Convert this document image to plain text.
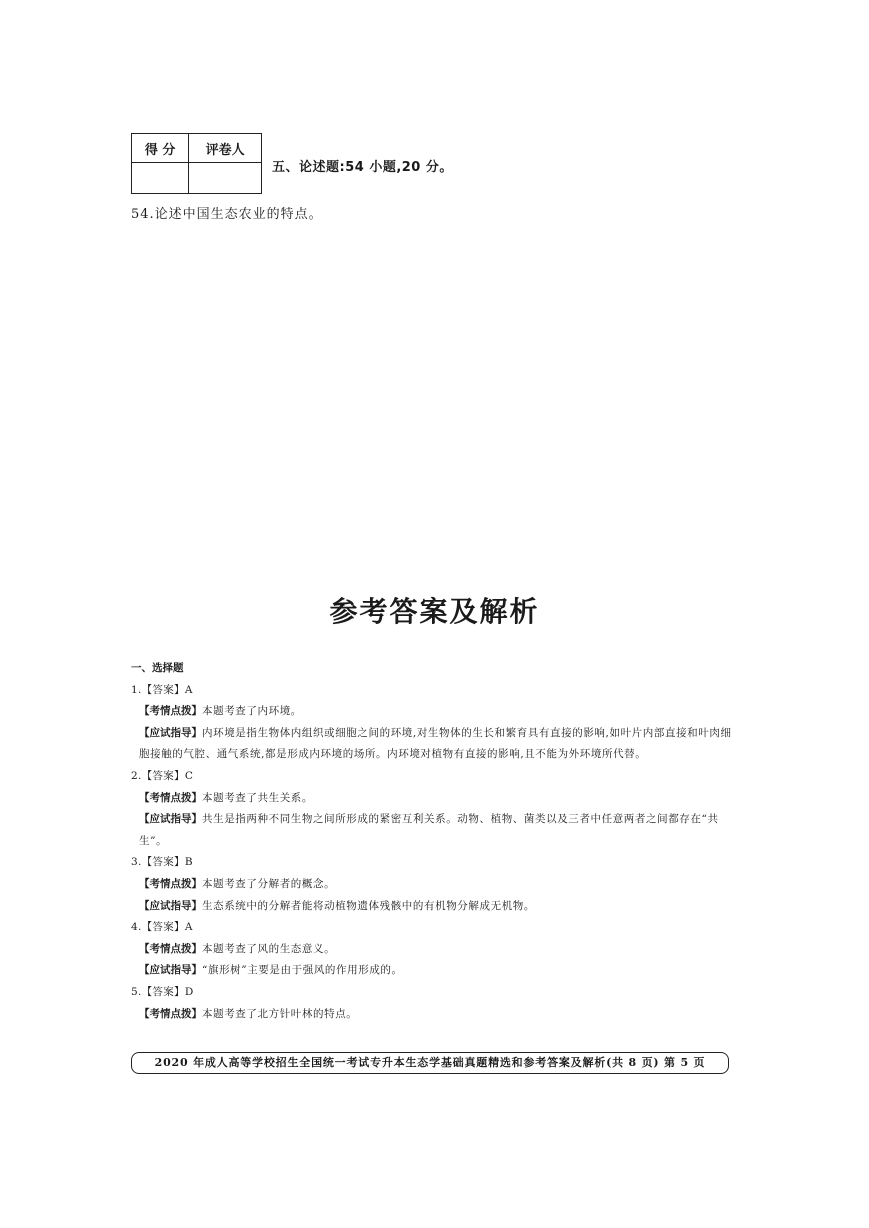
得 分	评卷人

五、论述题:54 小题,20 分。
54.论述中国生态农业的特点。
参考答案及解析
一、选择题
1.【答案】A
【考情点拨】本题考查了内环境。
【应试指导】内环境是指生物体内组织或细胞之间的环境,对生物体的生长和繁育具有直接的影响,如叶片内部直接和叶肉细胞接触的气腔、通气系统,都是形成内环境的场所。内环境对植物有直接的影响,且不能为外环境所代替。
2.【答案】C
【考情点拨】本题考查了共生关系。
【应试指导】共生是指两种不同生物之间所形成的紧密互利关系。动物、植物、菌类以及三者中任意两者之间都存在“共生”。
3.【答案】B
【考情点拨】本题考查了分解者的概念。
【应试指导】生态系统中的分解者能将动植物遗体残骸中的有机物分解成无机物。
4.【答案】A
【考情点拨】本题考查了风的生态意义。
【应试指导】“旗形树”主要是由于强风的作用形成的。
5.【答案】D
【考情点拨】本题考查了北方针叶林的特点。
2020 年成人高等学校招生全国统一考试专升本生态学基础真题精选和参考答案及解析(共 8 页) 第 5 页
